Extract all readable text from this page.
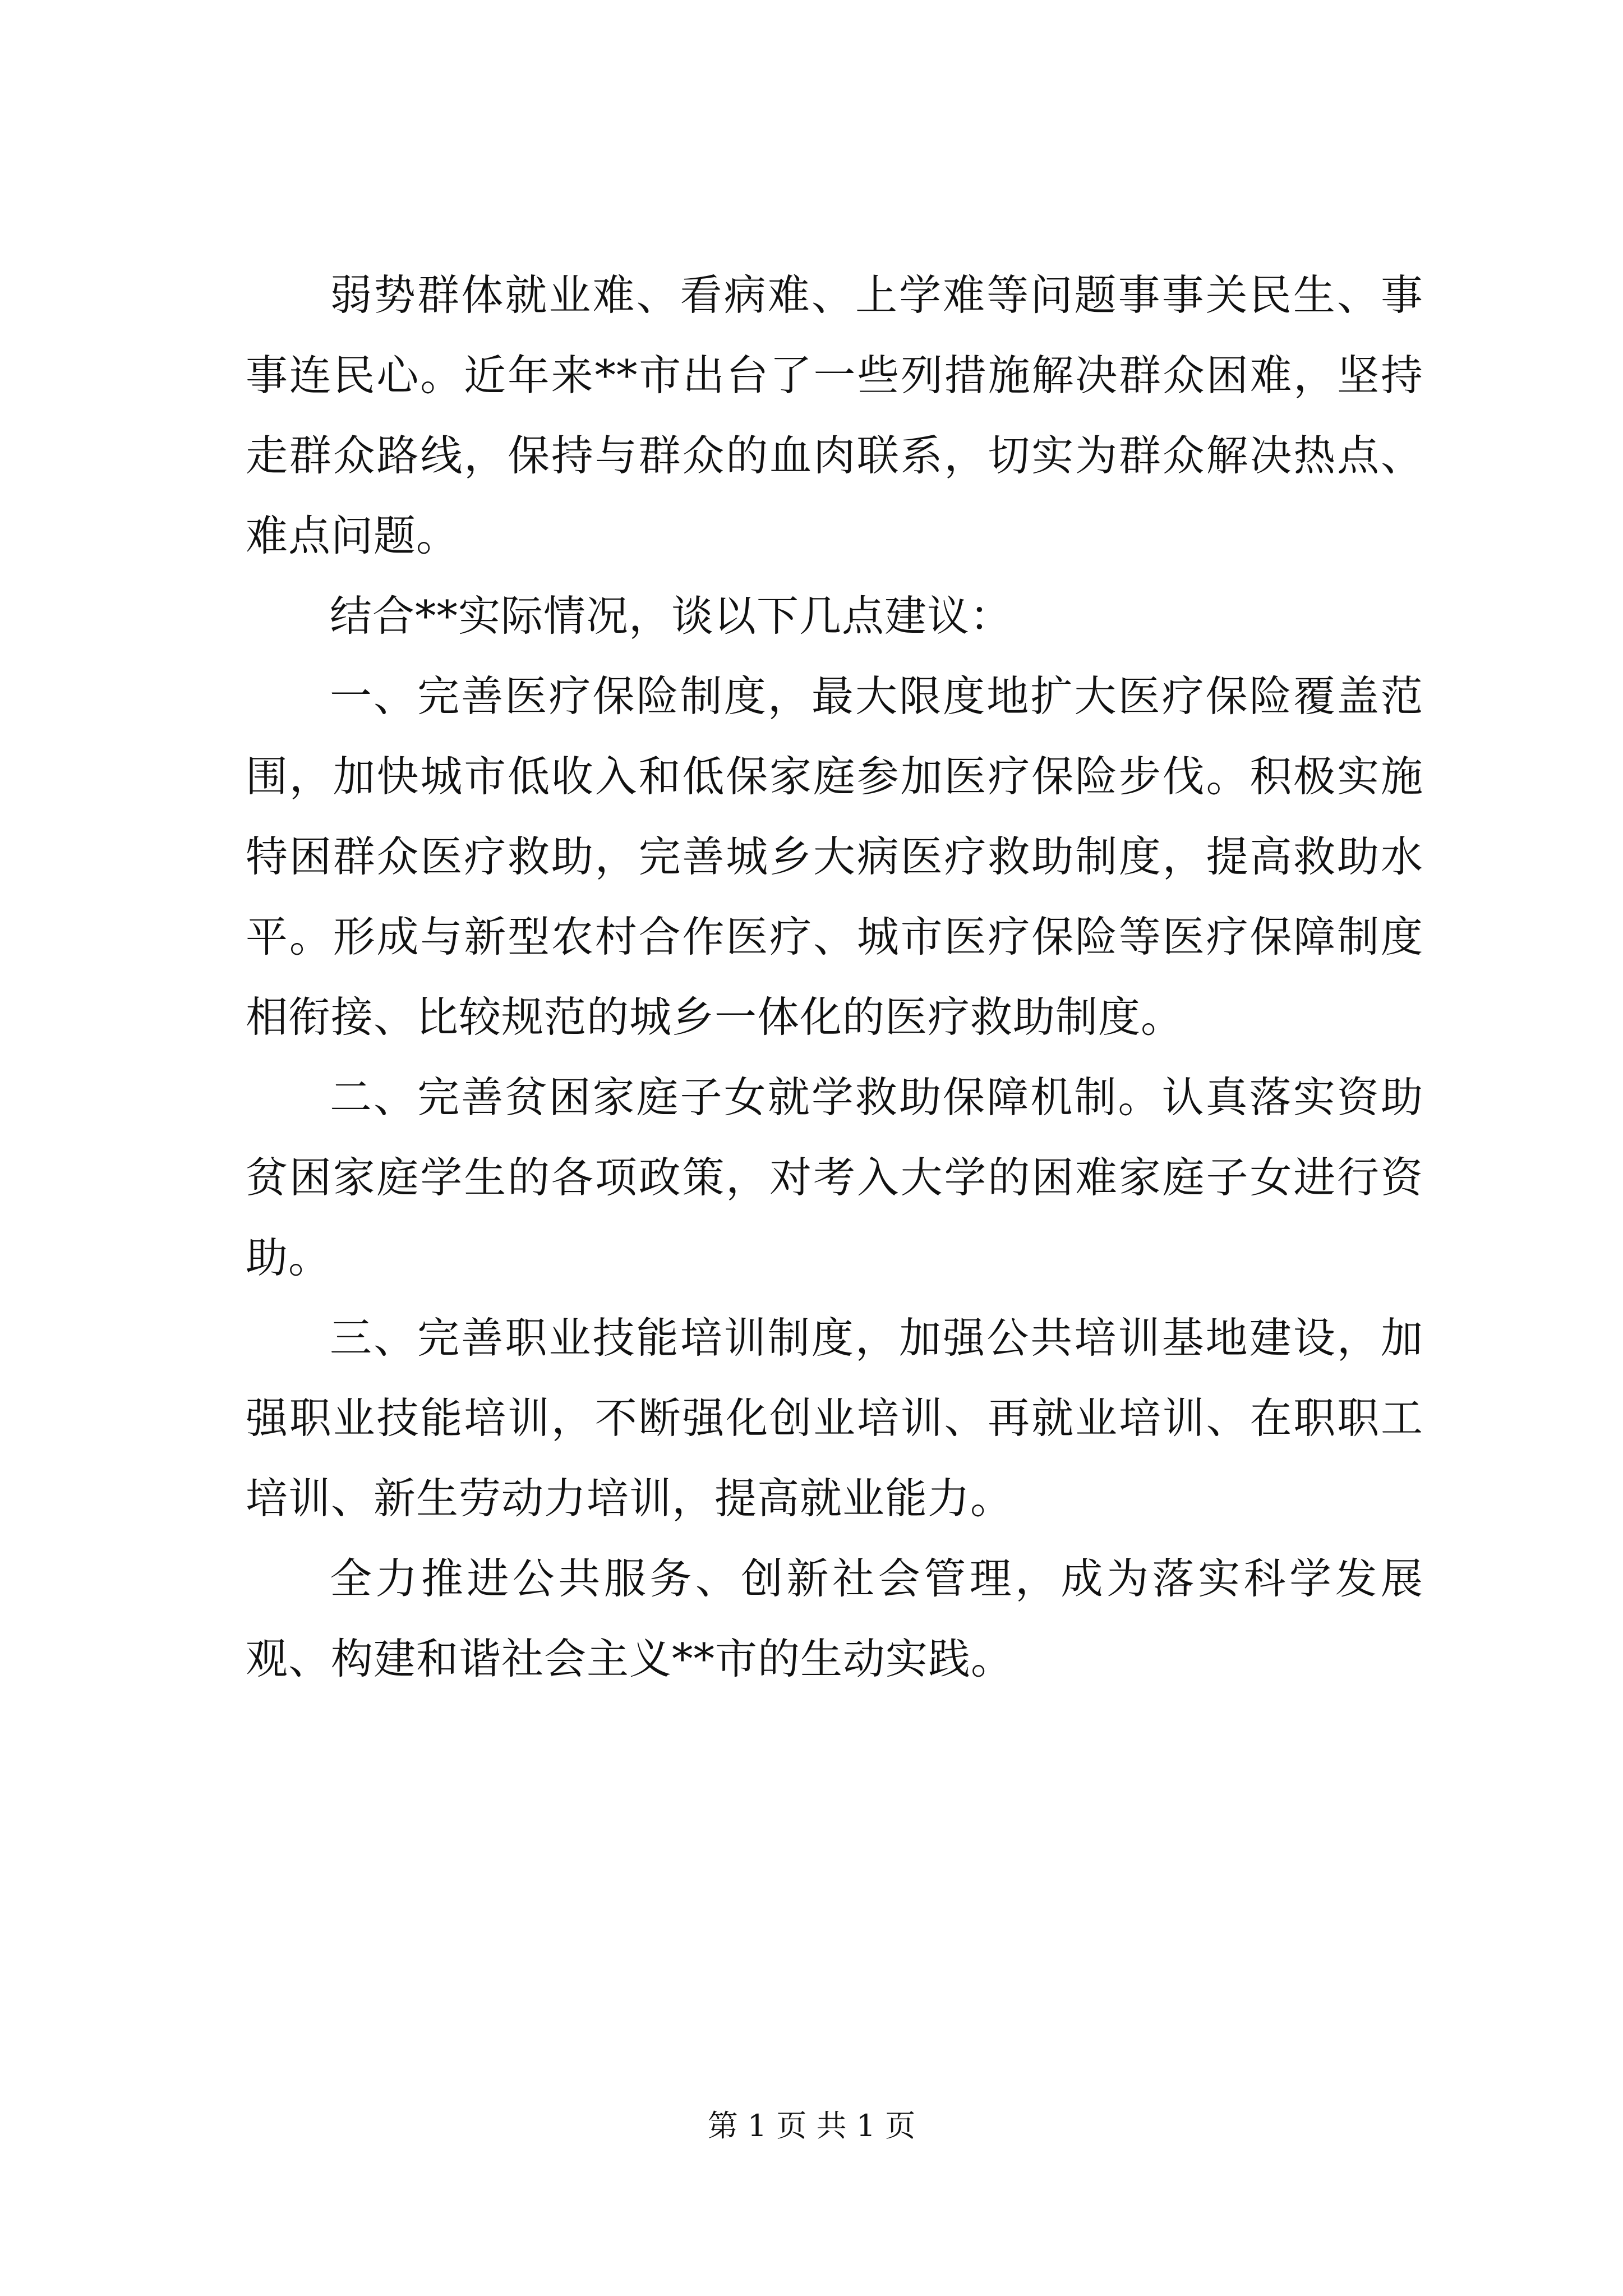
弱势群体就业难、看病难、上学难等问题事事关民生、事事连民心。近年来**市出台了一些列措施解决群众困难，坚持走群众路线，保持与群众的血肉联系，切实为群众解决热点、难点问题。

结合**实际情况，谈以下几点建议：

一、完善医疗保险制度，最大限度地扩大医疗保险覆盖范围，加快城市低收入和低保家庭参加医疗保险步伐。积极实施特困群众医疗救助，完善城乡大病医疗救助制度，提高救助水平。形成与新型农村合作医疗、城市医疗保险等医疗保障制度相衔接、比较规范的城乡一体化的医疗救助制度。

二、完善贫困家庭子女就学救助保障机制。认真落实资助贫困家庭学生的各项政策，对考入大学的困难家庭子女进行资助。

三、完善职业技能培训制度，加强公共培训基地建设，加强职业技能培训，不断强化创业培训、再就业培训、在职职工培训、新生劳动力培训，提高就业能力。

全力推进公共服务、创新社会管理，成为落实科学发展观、构建和谐社会主义**市的生动实践。

第 1 页 共 1 页
